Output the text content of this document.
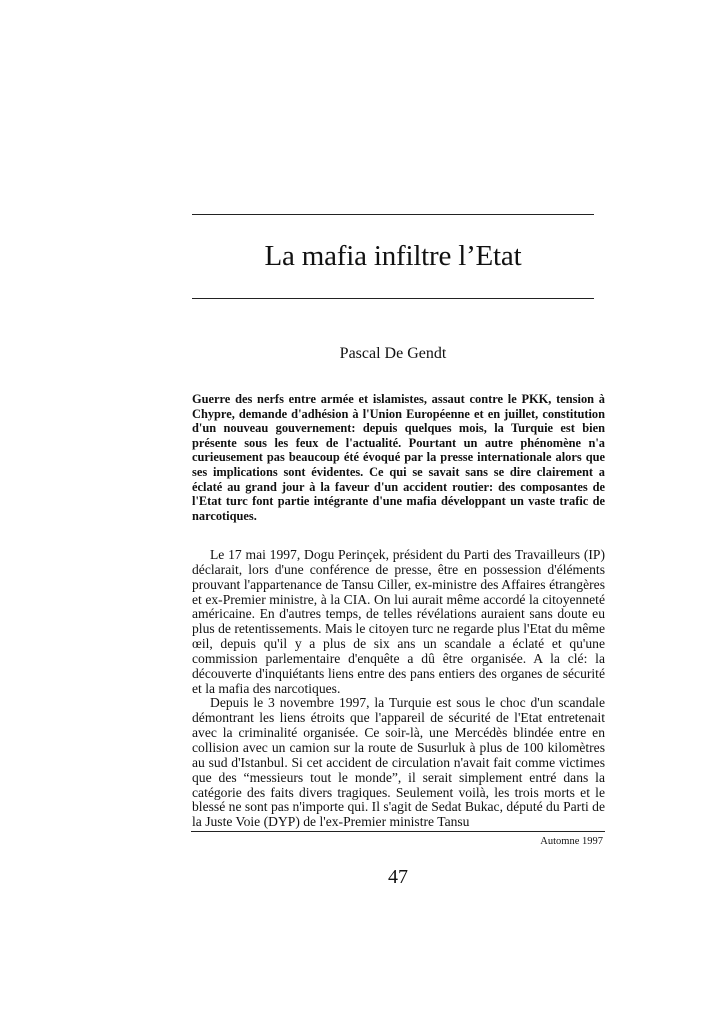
La mafia infiltre l’Etat
Pascal De Gendt

Guerre des nerfs entre armée et islamistes, assaut contre le PKK, tension à Chypre, demande d'adhésion à l'Union Européenne et en juillet, constitution d'un nouveau gouvernement: depuis quelques mois, la Turquie est bien présente sous les feux de l'actualité. Pourtant un autre phénomène n'a curieusement pas beaucoup été évoqué par la presse internationale alors que ses implications sont évidentes. Ce qui se savait sans se dire clairement a éclaté au grand jour à la faveur d'un accident routier: des composantes de l'Etat turc font partie intégrante d'une mafia développant un vaste trafic de narcotiques.

Le 17 mai 1997, Dogu Perinçek, président du Parti des Travailleurs (IP) déclarait, lors d'une conférence de presse, être en possession d'éléments prouvant l'appartenance de Tansu Ciller, ex-ministre des Affaires étrangères et ex-Premier ministre, à la CIA. On lui aurait même accordé la citoyenneté américaine. En d'autres temps, de telles révélations auraient sans doute eu plus de retentissements. Mais le citoyen turc ne regarde plus l'Etat du même œil, depuis qu'il y a plus de six ans un scandale a éclaté et qu'une commission parlementaire d'enquête a dû être organisée. A la clé: la découverte d'inquiétants liens entre des pans entiers des organes de sécurité et la mafia des narcotiques.

Depuis le 3 novembre 1997, la Turquie est sous le choc d'un scandale démontrant les liens étroits que l'appareil de sécurité de l'Etat entretenait avec la criminalité organisée. Ce soir-là, une Mercédès blindée entre en collision avec un camion sur la route de Susurluk à plus de 100 kilomètres au sud d'Istanbul. Si cet accident de circulation n'avait fait comme victimes que des “messieurs tout le monde”, il serait simplement entré dans la catégorie des faits divers tragiques. Seulement voilà, les trois morts et le blessé ne sont pas n'importe qui. Il s'agit de Sedat Bukac, député du Parti de la Juste Voie (DYP) de l'ex-Premier ministre Tansu

Automne 1997
47
